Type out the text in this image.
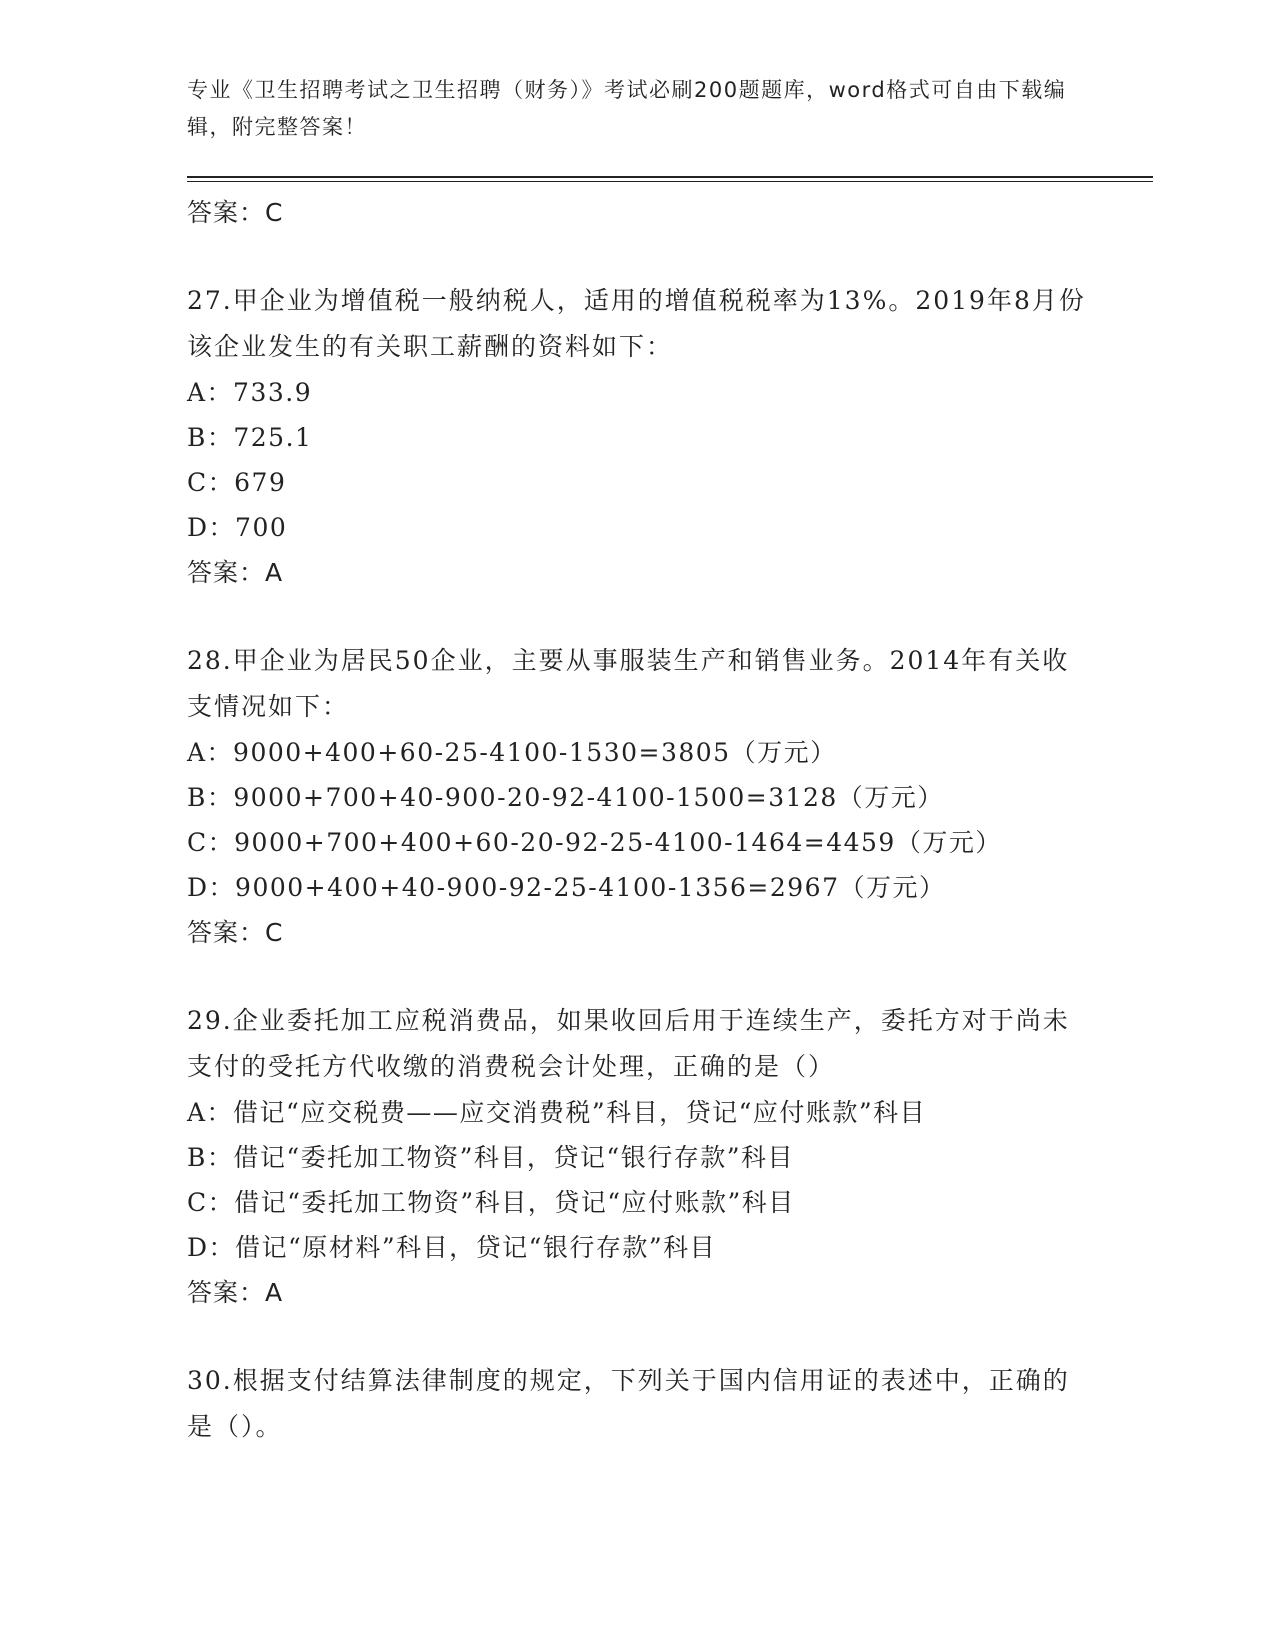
专业《卫生招聘考试之卫生招聘（财务）》考试必刷200题题库，word格式可自由下载编辑，附完整答案！
答案：C
27.甲企业为增值税一般纳税人，适用的增值税税率为13%。2019年8月份该企业发生的有关职工薪酬的资料如下：
A：733.9
B：725.1
C：679
D：700
答案：A
28.甲企业为居民50企业，主要从事服装生产和销售业务。2014年有关收支情况如下：
A：9000+400+60-25-4100-1530=3805（万元）
B：9000+700+40-900-20-92-4100-1500=3128（万元）
C：9000+700+400+60-20-92-25-4100-1464=4459（万元）
D：9000+400+40-900-92-25-4100-1356=2967（万元）
答案：C
29.企业委托加工应税消费品，如果收回后用于连续生产，委托方对于尚未支付的受托方代收缴的消费税会计处理，正确的是（）
A：借记“应交税费——应交消费税”科目，贷记“应付账款”科目
B：借记“委托加工物资”科目，贷记“银行存款”科目
C：借记“委托加工物资”科目，贷记“应付账款”科目
D：借记“原材料”科目，贷记“银行存款”科目
答案：A
30.根据支付结算法律制度的规定，下列关于国内信用证的表述中，正确的是（）。
